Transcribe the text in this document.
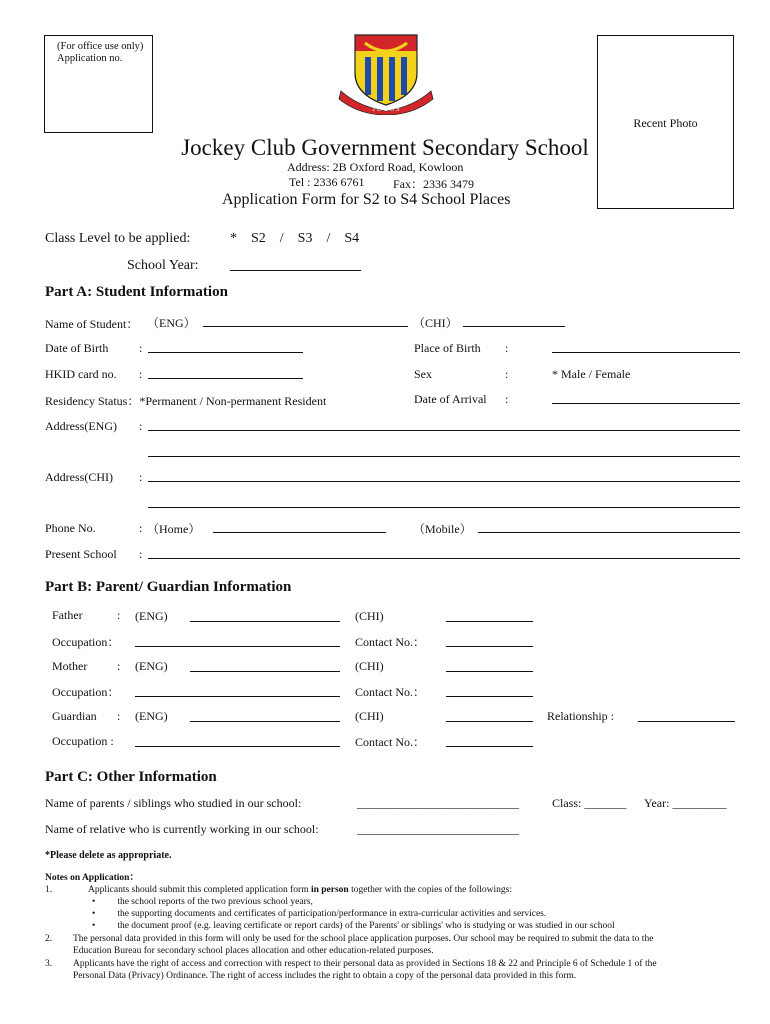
(For office use only)
Application no.
Recent Photo
J C G S S
Jockey Club Government Secondary School
Address: 2B Oxford Road, Kowloon
Tel : 2336 6761 Fax：2336 3479
Application Form for S2 to S4 School Places
Class Level to be applied:	*    S2    /    S3    /    S4
School Year:
Part A: Student Information
Name of Student： （ENG）	（CHI）
Date of Birth	:	Place of Birth :
HKID card no. :	Sex	:	* Male / Female
Residency Status：*Permanent / Non-permanent Resident	Date of Arrival :
Address(ENG) :
Address(CHI) :
Phone No.	: （Home）	（Mobile）
Present School :
Part B: Parent/ Guardian Information
Father	: (ENG)	(CHI)
Occupation：	Contact No.：
Mother : (ENG)	(CHI)
Occupation：	Contact No.：
Guardian : (ENG)	(CHI)	Relationship :
Occupation :	Contact No.：
Part C: Other Information
Name of parents / siblings who studied in our school:	___________________________	Class: _______ Year: _________
Name of relative who is currently working in our school:	___________________________
*Please delete as appropriate.
Notes on Application：
1.	Applicants should submit this completed application form in person together with the copies of the followings:
• the school reports of the two previous school years,
• the supporting documents and certificates of participation/performance in extra-curricular activities and services.
• the document proof (e.g. leaving certificate or report cards) of the Parents' or siblings' who is studying or was studied in our school
2. The personal data provided in this form will only be used for the school place application purposes. Our school may be required to submit the data to the
Education Bureau for secondary school places allocation and other education-related purposes.
3. Applicants have the right of access and correction with respect to their personal data as provided in Sections 18 & 22 and Principle 6 of Schedule 1 of the
Personal Data (Privacy) Ordinance. The right of access includes the right to obtain a copy of the personal data provided in this form.
